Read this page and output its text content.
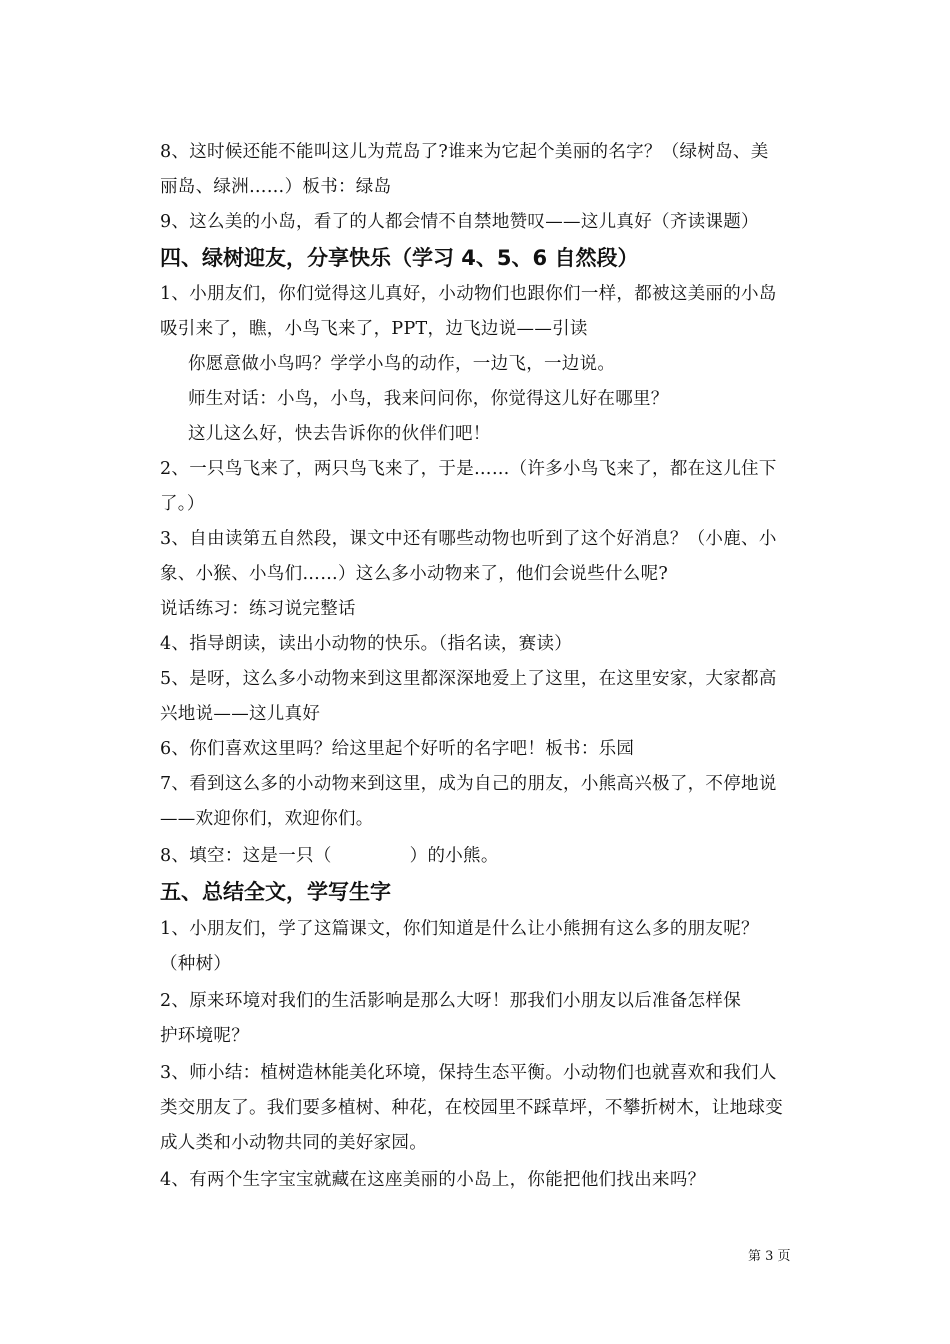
8、这时候还能不能叫这儿为荒岛了?谁来为它起个美丽的名字？（绿树岛、美
丽岛、绿洲……）板书：绿岛
9、这么美的小岛，看了的人都会情不自禁地赞叹——这儿真好（齐读课题）
四、绿树迎友，分享快乐（学习 4、5、6 自然段）
1、小朋友们，你们觉得这儿真好，小动物们也跟你们一样，都被这美丽的小岛
吸引来了，瞧，小鸟飞来了，PPT，边飞边说——引读
你愿意做小鸟吗？学学小鸟的动作，一边飞，一边说。
师生对话：小鸟，小鸟，我来问问你，你觉得这儿好在哪里？
这儿这么好，快去告诉你的伙伴们吧！
2、一只鸟飞来了，两只鸟飞来了，于是……（许多小鸟飞来了，都在这儿住下
了。）
3、自由读第五自然段，课文中还有哪些动物也听到了这个好消息？（小鹿、小
象、小猴、小鸟们……）这么多小动物来了，他们会说些什么呢?
说话练习：练习说完整话
4、指导朗读，读出小动物的快乐。（指名读，赛读）
5、是呀，这么多小动物来到这里都深深地爱上了这里，在这里安家，大家都高
兴地说——这儿真好
6、你们喜欢这里吗？给这里起个好听的名字吧！板书：乐园
7、看到这么多的小动物来到这里，成为自己的朋友，小熊高兴极了，不停地说
——欢迎你们，欢迎你们。
8、填空：这是一只（	）的小熊。
五、总结全文，学写生字
1、小朋友们，学了这篇课文，你们知道是什么让小熊拥有这么多的朋友呢？
（种树）
2、原来环境对我们的生活影响是那么大呀！那我们小朋友以后准备怎样保
护环境呢？
3、师小结：植树造林能美化环境，保持生态平衡。小动物们也就喜欢和我们人
类交朋友了。我们要多植树、种花，在校园里不踩草坪，不攀折树木，让地球变
成人类和小动物共同的美好家园。
4、有两个生字宝宝就藏在这座美丽的小岛上，你能把他们找出来吗？
第 3 页
